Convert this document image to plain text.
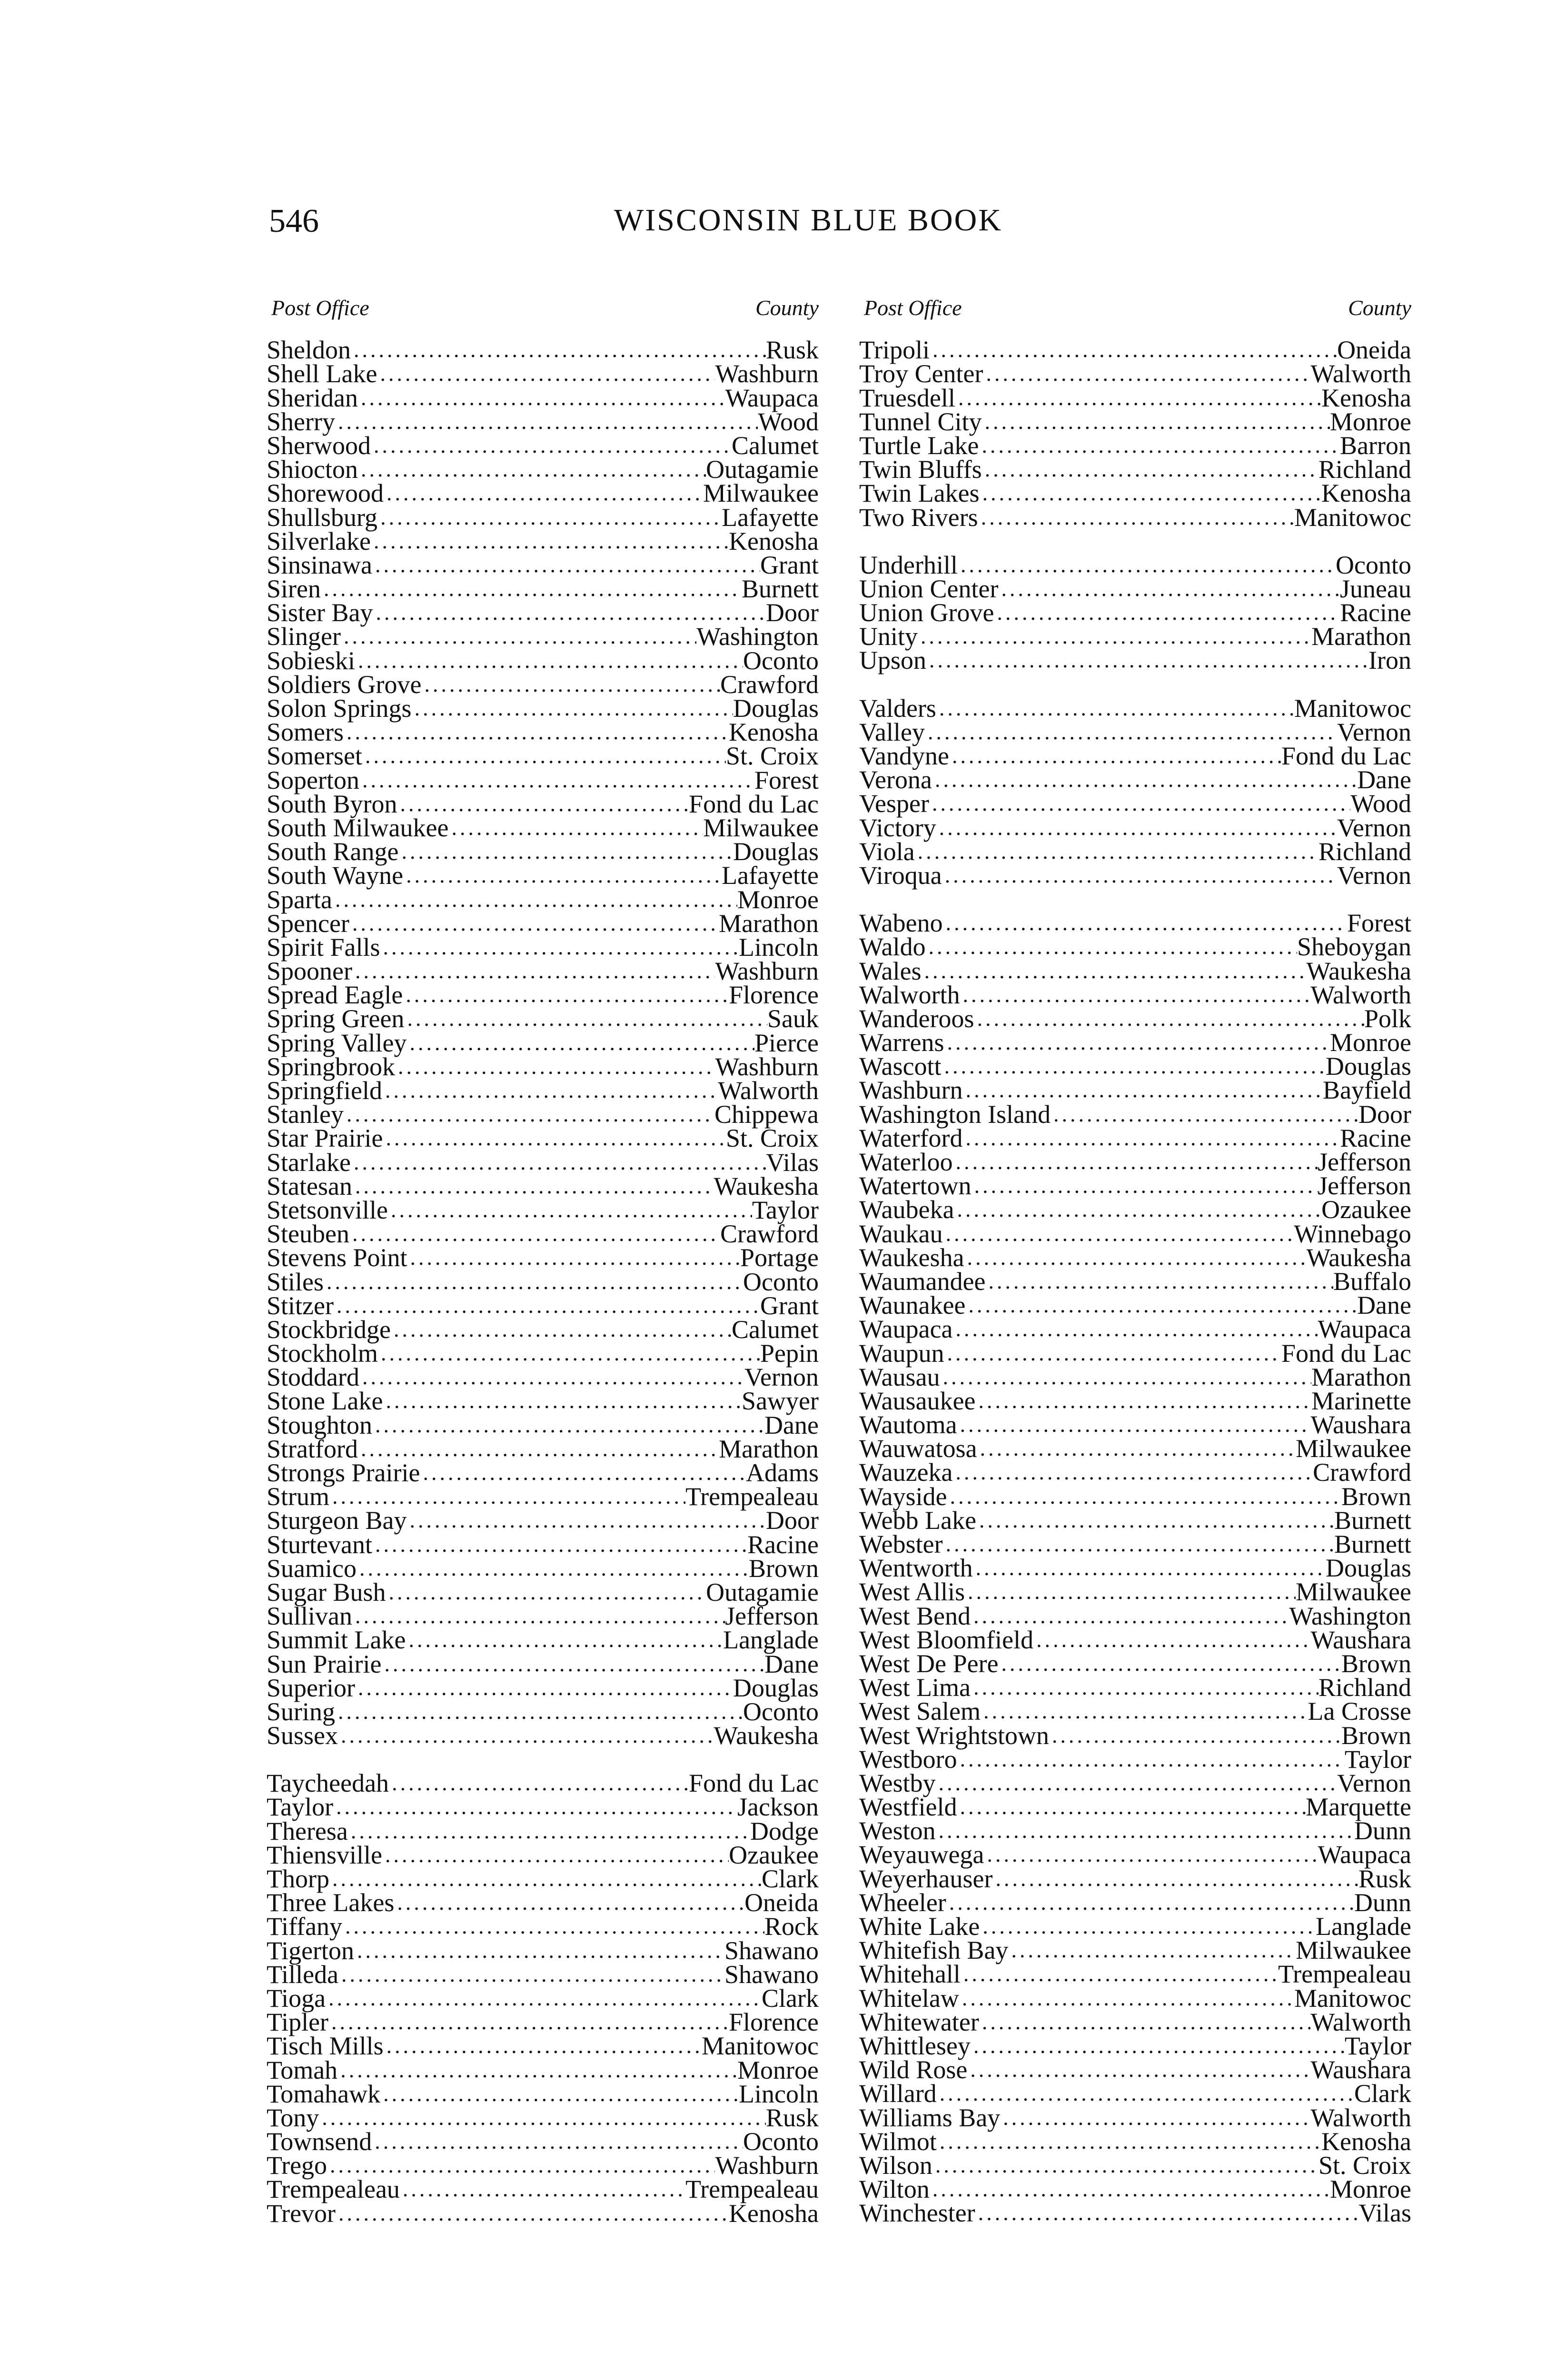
546	WISCONSIN BLUE BOOK
Post Office	County
Sheldon .....	Rusk
Shell Lake .....	Washburn
Sheridan .....	Waupaca
Sherry .....	Wood
Sherwood .....	Calumet
Shiocton .....	Outagamie
Shorewood .....	Milwaukee
Shullsburg .....	Lafayette
Silverlake .....	Kenosha
Sinsinawa .....	Grant
Siren .....	Burnett
Sister Bay .....	Door
Slinger .....	Washington
Sobieski .....	Oconto
Soldiers Grove .....	Crawford
Solon Springs .....	Douglas
Somers .....	Kenosha
Somerset .....	St. Croix
Soperton .....	Forest
South Byron .....	Fond du Lac
South Milwaukee .....	Milwaukee
South Range .....	Douglas
South Wayne .....	Lafayette
Sparta .....	Monroe
Spencer .....	Marathon
Spirit Falls .....	Lincoln
Spooner .....	Washburn
Spread Eagle .....	Florence
Spring Green .....	Sauk
Spring Valley .....	Pierce
Springbrook .....	Washburn
Springfield .....	Walworth
Stanley .....	Chippewa
Star Prairie .....	St. Croix
Starlake .....	Vilas
Statesan .....	Waukesha
Stetsonville .....	Taylor
Steuben .....	Crawford
Stevens Point .....	Portage
Stiles .....	Oconto
Stitzer .....	Grant
Stockbridge .....	Calumet
Stockholm .....	Pepin
Stoddard .....	Vernon
Stone Lake .....	Sawyer
Stoughton .....	Dane
Stratford .....	Marathon
Strongs Prairie .....	Adams
Strum .....	Trempealeau
Sturgeon Bay .....	Door
Sturtevant .....	Racine
Suamico .....	Brown
Sugar Bush .....	Outagamie
Sullivan .....	Jefferson
Summit Lake .....	Langlade
Sun Prairie .....	Dane
Superior .....	Douglas
Suring .....	Oconto
Sussex .....	Waukesha
Taycheedah .....	Fond du Lac
Taylor .....	Jackson
Theresa .....	Dodge
Thiensville .....	Ozaukee
Thorp .....	Clark
Three Lakes .....	Oneida
Tiffany .....	Rock
Tigerton .....	Shawano
Tilleda .....	Shawano
Tioga .....	Clark
Tipler .....	Florence
Tisch Mills .....	Manitowoc
Tomah .....	Monroe
Tomahawk .....	Lincoln
Tony .....	Rusk
Townsend .....	Oconto
Trego .....	Washburn
Trempealeau .....	Trempealeau
Trevor .....	Kenosha
Post Office	County
Tripoli .....	Oneida
Troy Center .....	Walworth
Truesdell .....	Kenosha
Tunnel City .....	Monroe
Turtle Lake .....	Barron
Twin Bluffs .....	Richland
Twin Lakes .....	Kenosha
Two Rivers .....	Manitowoc
Underhill .....	Oconto
Union Center .....	Juneau
Union Grove .....	Racine
Unity .....	Marathon
Upson .....	Iron
Valders .....	Manitowoc
Valley .....	Vernon
Vandyne .....	Fond du Lac
Verona .....	Dane
Vesper .....	Wood
Victory .....	Vernon
Viola .....	Richland
Viroqua .....	Vernon
Wabeno .....	Forest
Waldo .....	Sheboygan
Wales .....	Waukesha
Walworth .....	Walworth
Wanderoos .....	Polk
Warrens .....	Monroe
Wascott .....	Douglas
Washburn .....	Bayfield
Washington Island .....	Door
Waterford .....	Racine
Waterloo .....	Jefferson
Watertown .....	Jefferson
Waubeka .....	Ozaukee
Waukau .....	Winnebago
Waukesha .....	Waukesha
Waumandee .....	Buffalo
Waunakee .....	Dane
Waupaca .....	Waupaca
Waupun .....	Fond du Lac
Wausau .....	Marathon
Wausaukee .....	Marinette
Wautoma .....	Waushara
Wauwatosa .....	Milwaukee
Wauzeka .....	Crawford
Wayside .....	Brown
Webb Lake .....	Burnett
Webster .....	Burnett
Wentworth .....	Douglas
West Allis .....	Milwaukee
West Bend .....	Washington
West Bloomfield .....	Waushara
West De Pere .....	Brown
West Lima .....	Richland
West Salem .....	La Crosse
West Wrightstown .....	Brown
Westboro .....	Taylor
Westby .....	Vernon
Westfield .....	Marquette
Weston .....	Dunn
Weyauwega .....	Waupaca
Weyerhauser .....	Rusk
Wheeler .....	Dunn
White Lake .....	Langlade
Whitefish Bay .....	Milwaukee
Whitehall .....	Trempealeau
Whitelaw .....	Manitowoc
Whitewater .....	Walworth
Whittlesey .....	Taylor
Wild Rose .....	Waushara
Willard .....	Clark
Williams Bay .....	Walworth
Wilmot .....	Kenosha
Wilson .....	St. Croix
Wilton .....	Monroe
Winchester .....	Vilas
